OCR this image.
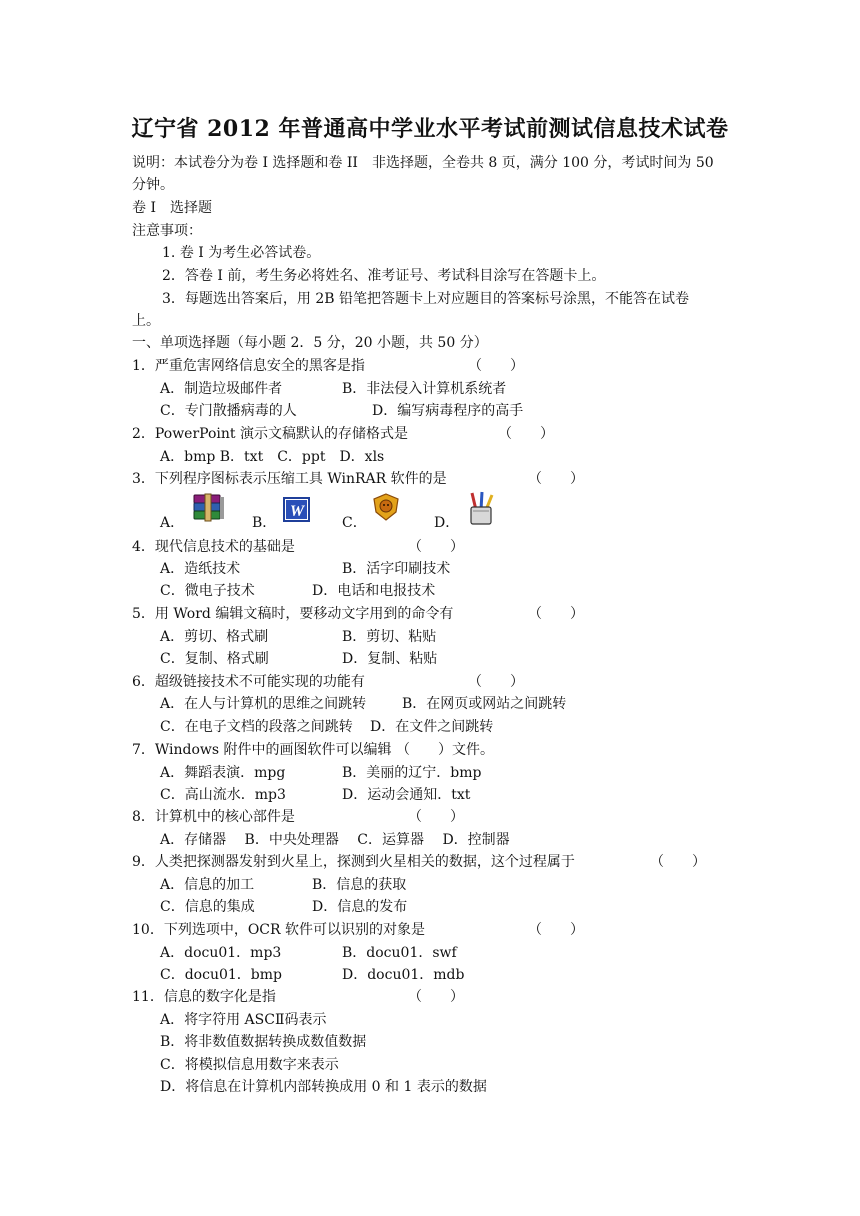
辽宁省 2012 年普通高中学业水平考试前测试信息技术试卷
说明：本试卷分为卷 I 选择题和卷 II　非选择题，全卷共 8 页，满分 100 分，考试时间为 50
分钟。
卷 I　选择题
注意事项：
1. 卷 I 为考生必答试卷。
2．答卷 I 前，考生务必将姓名、准考证号、考试科目涂写在答题卡上。
3．每题选出答案后，用 2B 铅笔把答题卡上对应题目的答案标号涂黑，不能答在试卷
上。
一、单项选择题（每小题 2．5 分，20 小题，共 50 分）
1．严重危害网络信息安全的黑客是指	（　　）
A．制造垃圾邮件者	B．非法侵入计算机系统者
C．专门散播病毒的人	D．编写病毒程序的高手
2．PowerPoint 演示文稿默认的存储格式是	（　　）
A．bmp B．txt　C．ppt　D．xls
3．下列程序图标表示压缩工具 WinRAR 软件的是	（　　）
A．	B．
W
C．	D．
4．现代信息技术的基础是	（　　）
A．造纸技术	B．活字印刷技术
C．微电子技术	D．电话和电报技术
5．用 Word 编辑文稿时，要移动文字用到的命令有	（　　）
A．剪切、格式刷	B．剪切、粘贴
C．复制、格式刷	D．复制、粘贴
6．超级链接技术不可能实现的功能有	（　　）
A．在人与计算机的思维之间跳转	B．在网页或网站之间跳转
C．在电子文档的段落之间跳转 D．在文件之间跳转
7．Windows 附件中的画图软件可以编辑 （　　）文件。
A．舞蹈表演．mpg	B．美丽的辽宁．bmp
C．高山流水．mp3	D．运动会通知．txt
8．计算机中的核心部件是	（　　）
A．存储器　 B．中央处理器　 C．运算器　 D．控制器
9．人类把探测器发射到火星上，探测到火星相关的数据，这个过程属于	（　　）
A．信息的加工	B．信息的获取
C．信息的集成	D．信息的发布
10．下列选项中，OCR 软件可以识别的对象是	（　　）
A．docu01．mp3	B．docu01．swf
C．docu01．bmp	D．docu01．mdb
11．信息的数字化是指	（　　）
A．将字符用 ASCⅡ码表示
B．将非数值数据转换成数值数据
C．将模拟信息用数字来表示
D．将信息在计算机内部转换成用 0 和 1 表示的数据
